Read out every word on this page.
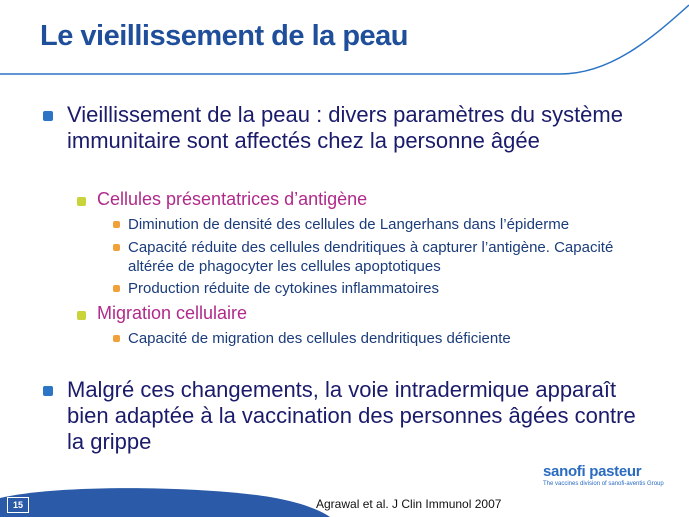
Le vieillissement de la peau
Vieillissement de la peau : divers paramètres du système immunitaire sont affectés chez la personne âgée
Cellules présentatrices d’antigène
Diminution de densité des cellules de Langerhans dans l’épiderme
Capacité réduite des cellules dendritiques à capturer l’antigène. Capacité altérée de phagocyter les cellules apoptotiques
Production réduite de cytokines inflammatoires
Migration cellulaire
Capacité de migration des cellules dendritiques déficiente
Malgré ces changements, la voie intradermique apparaît bien adaptée à la vaccination des personnes âgées contre la grippe
15	Agrawal et al. J Clin Immunol 2007
sanofi pasteur
The vaccines division of sanofi-aventis Group
